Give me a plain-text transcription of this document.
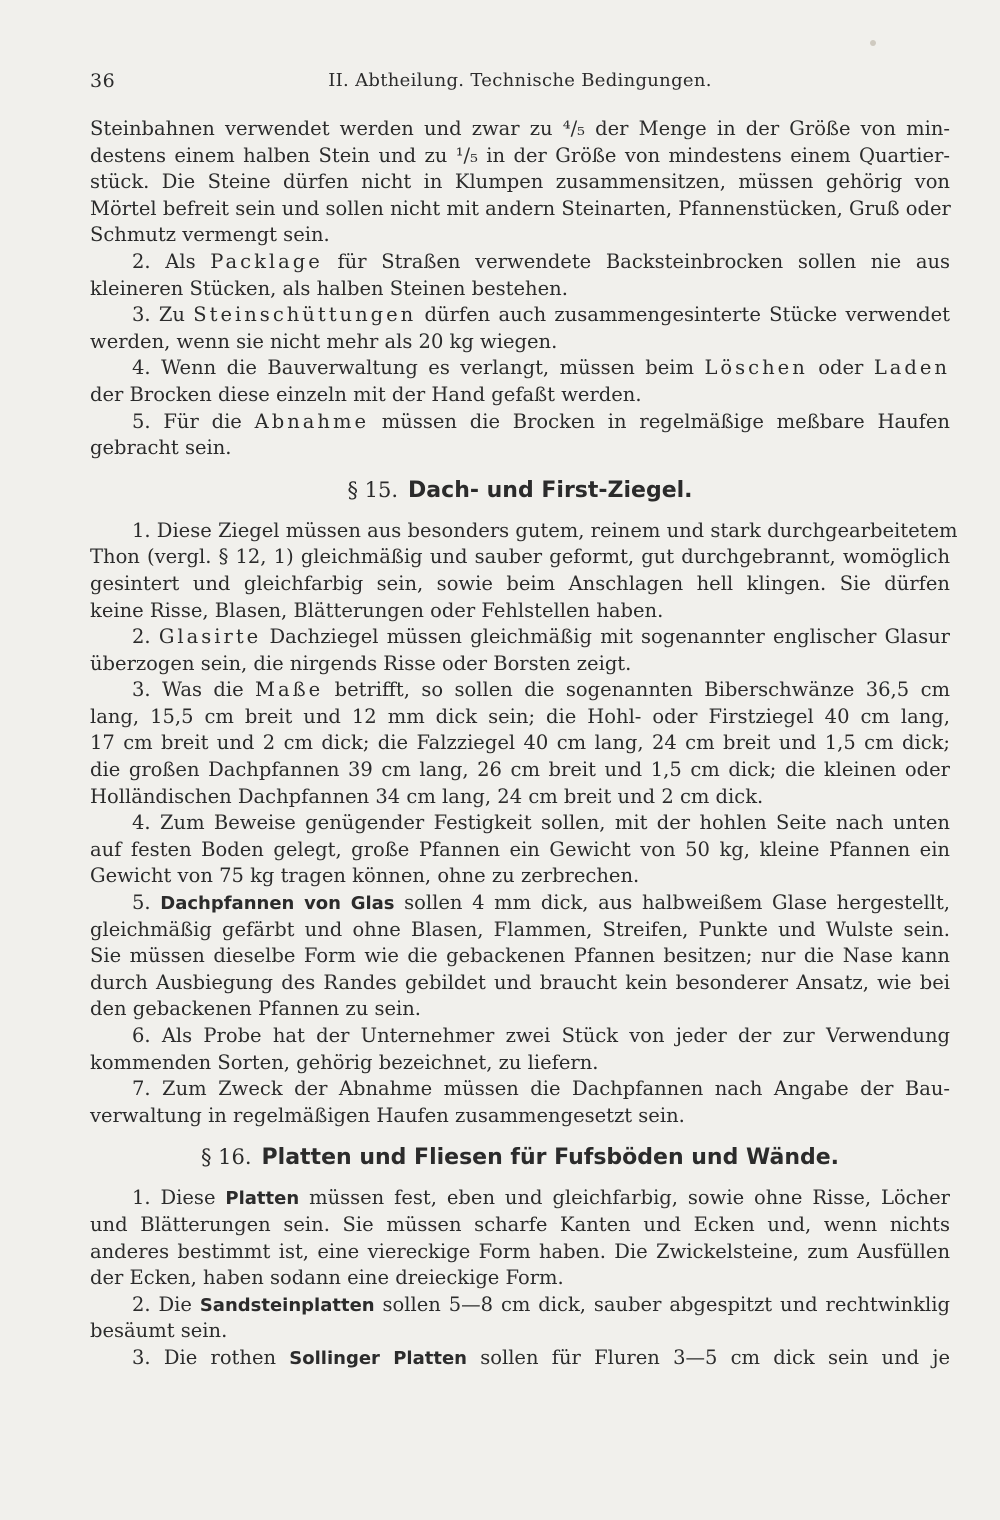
36	II. Abtheilung. Technische Bedingungen.
Steinbahnen verwendet werden und zwar zu ⁴/₅ der Menge in der Größe von min-
destens einem halben Stein und zu ¹/₅ in der Größe von mindestens einem Quartier-
stück. Die Steine dürfen nicht in Klumpen zusammensitzen, müssen gehörig von
Mörtel befreit sein und sollen nicht mit andern Steinarten, Pfannenstücken, Gruß oder
Schmutz vermengt sein.
2. Als Packlage für Straßen verwendete Backsteinbrocken sollen nie aus
kleineren Stücken, als halben Steinen bestehen.
3. Zu Steinschüttungen dürfen auch zusammengesinterte Stücke verwendet
werden, wenn sie nicht mehr als 20 kg wiegen.
4. Wenn die Bauverwaltung es verlangt, müssen beim Löschen oder Laden
der Brocken diese einzeln mit der Hand gefaßt werden.
5. Für die Abnahme müssen die Brocken in regelmäßige meßbare Haufen
gebracht sein.
§ 15. Dach- und First-Ziegel.
1. Diese Ziegel müssen aus besonders gutem, reinem und stark durchgearbeitetem
Thon (vergl. § 12, 1) gleichmäßig und sauber geformt, gut durchgebrannt, womöglich
gesintert und gleichfarbig sein, sowie beim Anschlagen hell klingen. Sie dürfen
keine Risse, Blasen, Blätterungen oder Fehlstellen haben.
2. Glasirte Dachziegel müssen gleichmäßig mit sogenannter englischer Glasur
überzogen sein, die nirgends Risse oder Borsten zeigt.
3. Was die Maße betrifft, so sollen die sogenannten Biberschwänze 36,5 cm
lang, 15,5 cm breit und 12 mm dick sein; die Hohl- oder Firstziegel 40 cm lang,
17 cm breit und 2 cm dick; die Falzziegel 40 cm lang, 24 cm breit und 1,5 cm dick;
die großen Dachpfannen 39 cm lang, 26 cm breit und 1,5 cm dick; die kleinen oder
Holländischen Dachpfannen 34 cm lang, 24 cm breit und 2 cm dick.
4. Zum Beweise genügender Festigkeit sollen, mit der hohlen Seite nach unten
auf festen Boden gelegt, große Pfannen ein Gewicht von 50 kg, kleine Pfannen ein
Gewicht von 75 kg tragen können, ohne zu zerbrechen.
5. Dachpfannen von Glas sollen 4 mm dick, aus halbweißem Glase hergestellt,
gleichmäßig gefärbt und ohne Blasen, Flammen, Streifen, Punkte und Wulste sein.
Sie müssen dieselbe Form wie die gebackenen Pfannen besitzen; nur die Nase kann
durch Ausbiegung des Randes gebildet und braucht kein besonderer Ansatz, wie bei
den gebackenen Pfannen zu sein.
6. Als Probe hat der Unternehmer zwei Stück von jeder der zur Verwendung
kommenden Sorten, gehörig bezeichnet, zu liefern.
7. Zum Zweck der Abnahme müssen die Dachpfannen nach Angabe der Bau-
verwaltung in regelmäßigen Haufen zusammengesetzt sein.
§ 16. Platten und Fliesen für Fufsböden und Wände.
1. Diese Platten müssen fest, eben und gleichfarbig, sowie ohne Risse, Löcher
und Blätterungen sein. Sie müssen scharfe Kanten und Ecken und, wenn nichts
anderes bestimmt ist, eine viereckige Form haben. Die Zwickelsteine, zum Ausfüllen
der Ecken, haben sodann eine dreieckige Form.
2. Die Sandsteinplatten sollen 5—8 cm dick, sauber abgespitzt und rechtwinklig
besäumt sein.
3. Die rothen Sollinger Platten sollen für Fluren 3—5 cm dick sein und je
